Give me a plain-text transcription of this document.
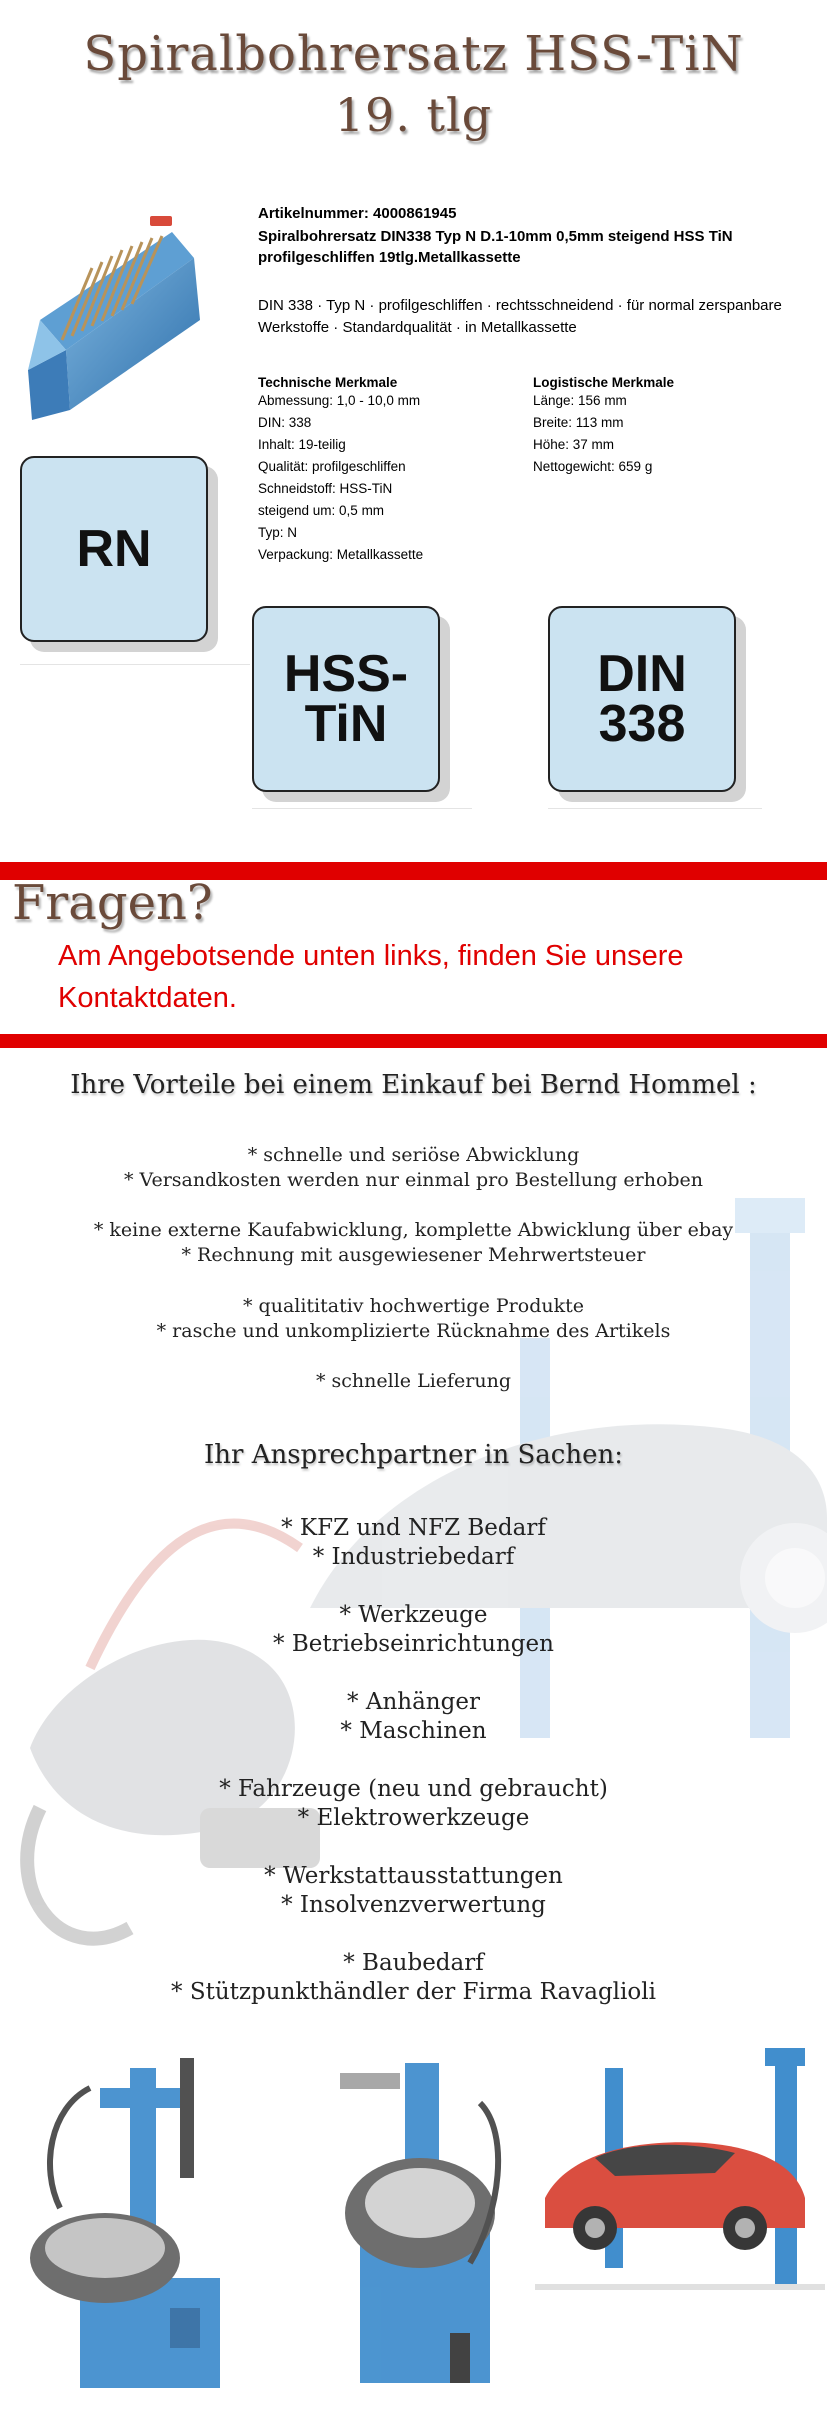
Spiralbohrersatz HSS-TiN
19. tlg
Artikelnummer: 4000861945
Spiralbohrersatz DIN338 Typ N D.1-10mm 0,5mm steigend HSS TiN profilgeschliffen 19tlg.Metallkassette
DIN 338 · Typ N · profilgeschliffen · rechtsschneidend · für normal zerspanbare Werkstoffe · Standardqualität · in Metallkassette
Technische Merkmale
Abmessung: 1,0 - 10,0 mm
DIN: 338
Inhalt: 19-teilig
Qualität: profilgeschliffen
Schneidstoff: HSS-TiN
steigend um: 0,5 mm
Typ: N
Verpackung: Metallkassette
Logistische Merkmale
Länge: 156 mm
Breite: 113 mm
Höhe: 37 mm
Nettogewicht: 659 g
RN
HSS-
TiN
DIN
338
Fragen?
Am Angebotsende unten links, finden Sie unsere Kontaktdaten.
Ihre Vorteile bei einem Einkauf bei Bernd Hommel :
* schnelle und seriöse Abwicklung
* Versandkosten werden nur einmal pro Bestellung erhoben
* keine externe Kaufabwicklung, komplette Abwicklung über ebay
* Rechnung mit ausgewiesener Mehrwertsteuer
* qualititativ hochwertige Produkte
* rasche und unkomplizierte Rücknahme des Artikels
* schnelle Lieferung
Ihr Ansprechpartner in Sachen:
* KFZ und NFZ Bedarf
* Industriebedarf
* Werkzeuge
* Betriebseinrichtungen
* Anhänger
* Maschinen
* Fahrzeuge (neu und gebraucht)
* Elektrowerkzeuge
* Werkstattausstattungen
* Insolvenzverwertung
* Baubedarf
* Stützpunkthändler der Firma Ravaglioli
